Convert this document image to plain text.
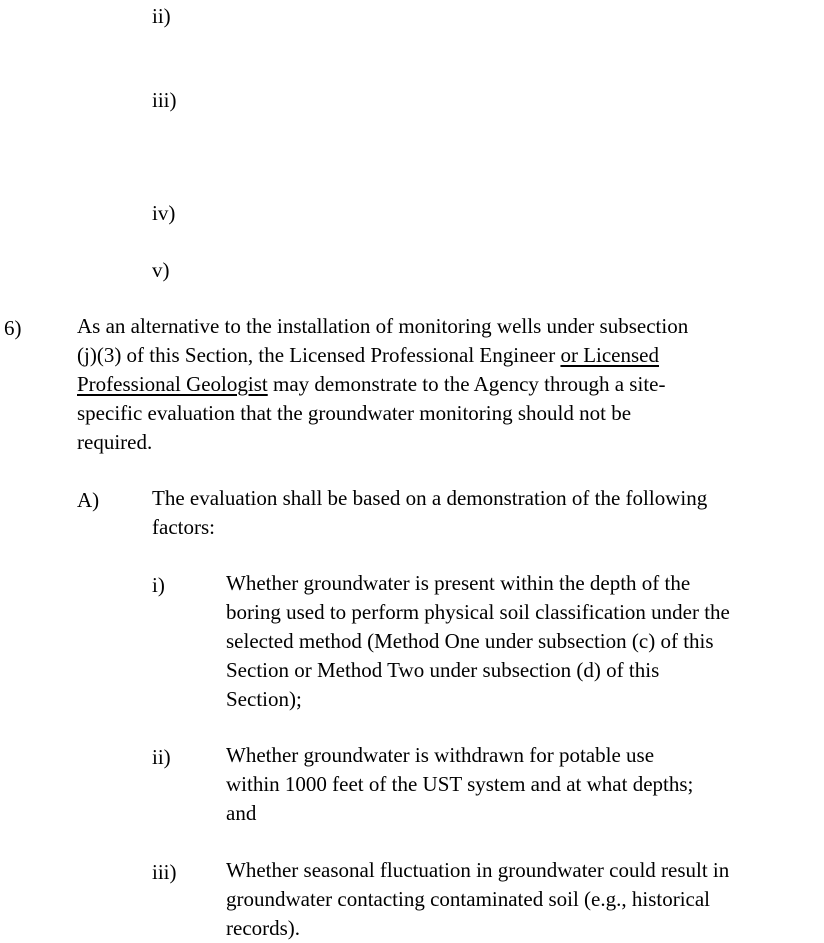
ii)
iii)
iv)
v)
6)	As an alternative to the installation of monitoring wells under subsection
(j)(3) of this Section, the Licensed Professional Engineer or Licensed
Professional Geologist may demonstrate to the Agency through a site-
specific evaluation that the groundwater monitoring should not be
required.
A)	The evaluation shall be based on a demonstration of the following
factors:
i)	Whether groundwater is present within the depth of the
boring used to perform physical soil classification under the
selected method (Method One under subsection (c) of this
Section or Method Two under subsection (d) of this
Section);
ii)	Whether groundwater is withdrawn for potable use
within 1000 feet of the UST system and at what depths;
and
iii) Whether seasonal fluctuation in groundwater could result in
groundwater contacting contaminated soil (e.g., historical
records).
